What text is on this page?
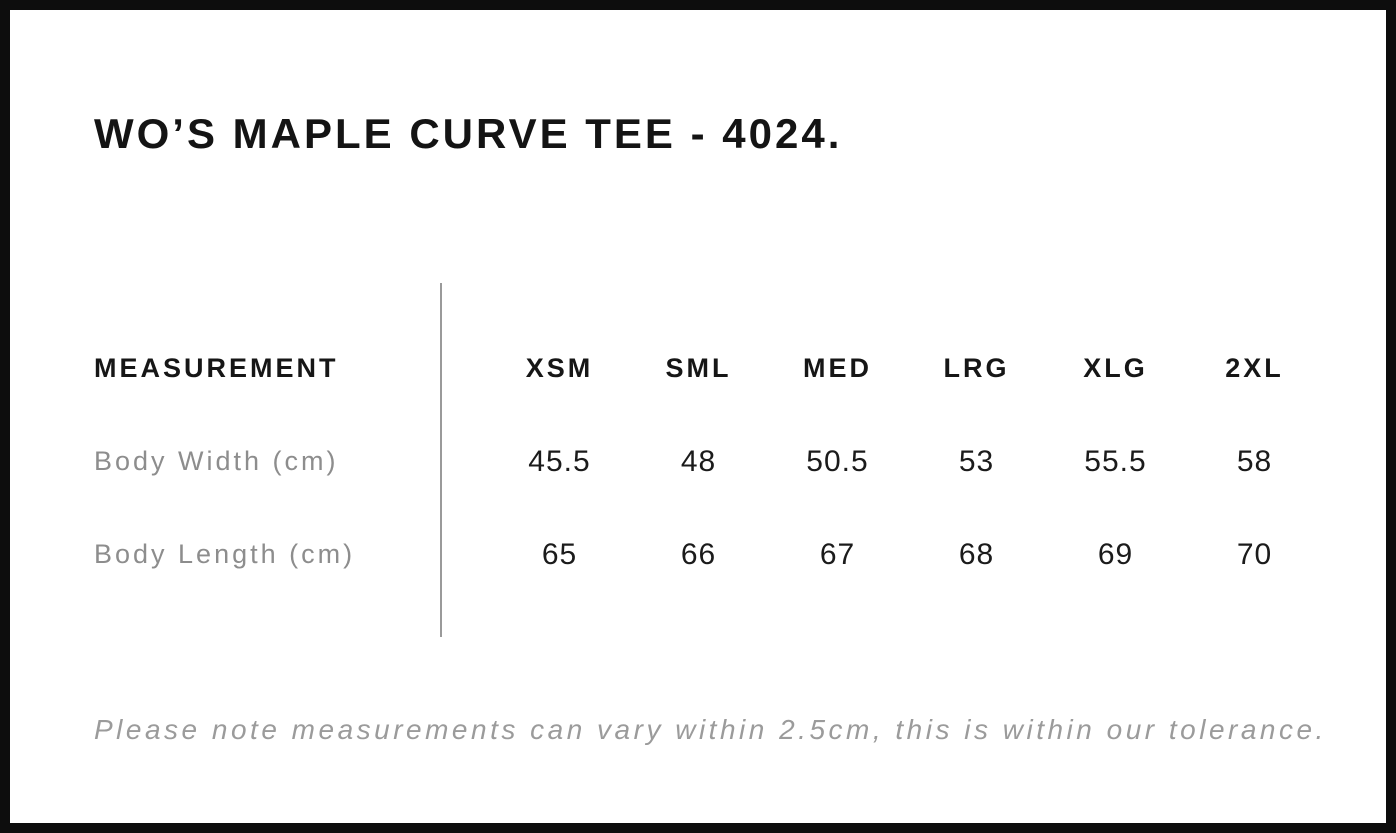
WO’S MAPLE CURVE TEE - 4024.
MEASUREMENT	XSM	SML	MED	LRG	XLG	2XL
Body Width (cm)	45.5	48	50.5	53	55.5	58
Body Length (cm)	65	66	67	68	69	70

Please note measurements can vary within 2.5cm, this is within our tolerance.
